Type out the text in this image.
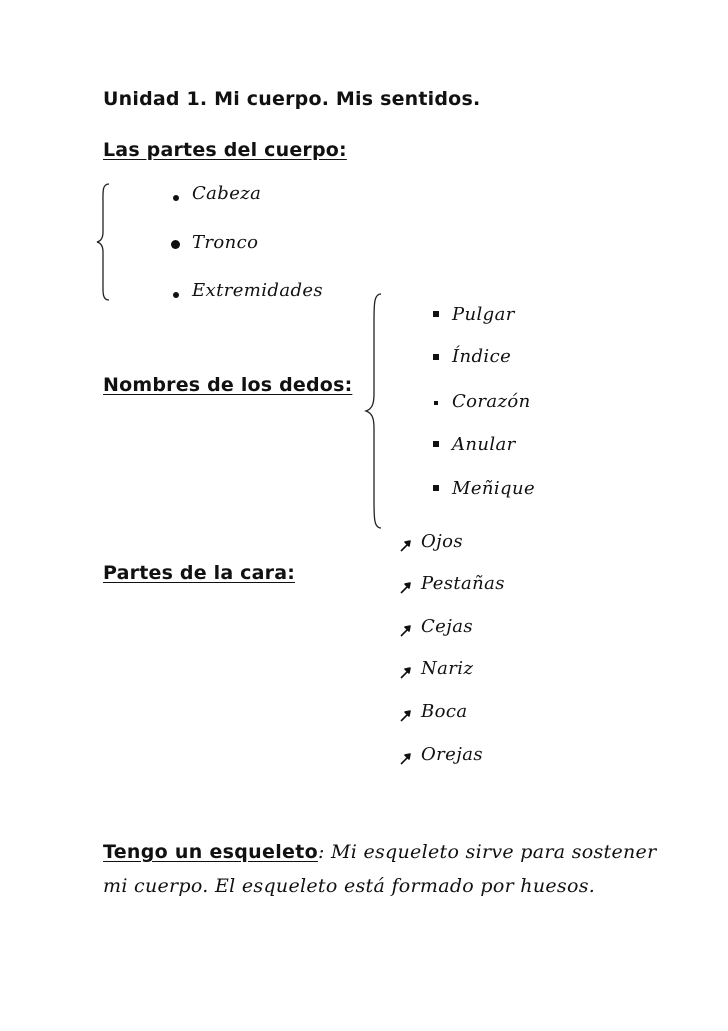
Unidad 1. Mi cuerpo. Mis sentidos.
Las partes del cuerpo:
Cabeza
Tronco
Extremidades
Nombres de los dedos:
Pulgar
Índice
Corazón
Anular
Meñique
Partes de la cara:
Ojos
Pestañas
Cejas
Nariz
Boca
Orejas
Tengo un esqueleto: Mi esqueleto sirve para sostener
mi cuerpo. El esqueleto está formado por huesos.
